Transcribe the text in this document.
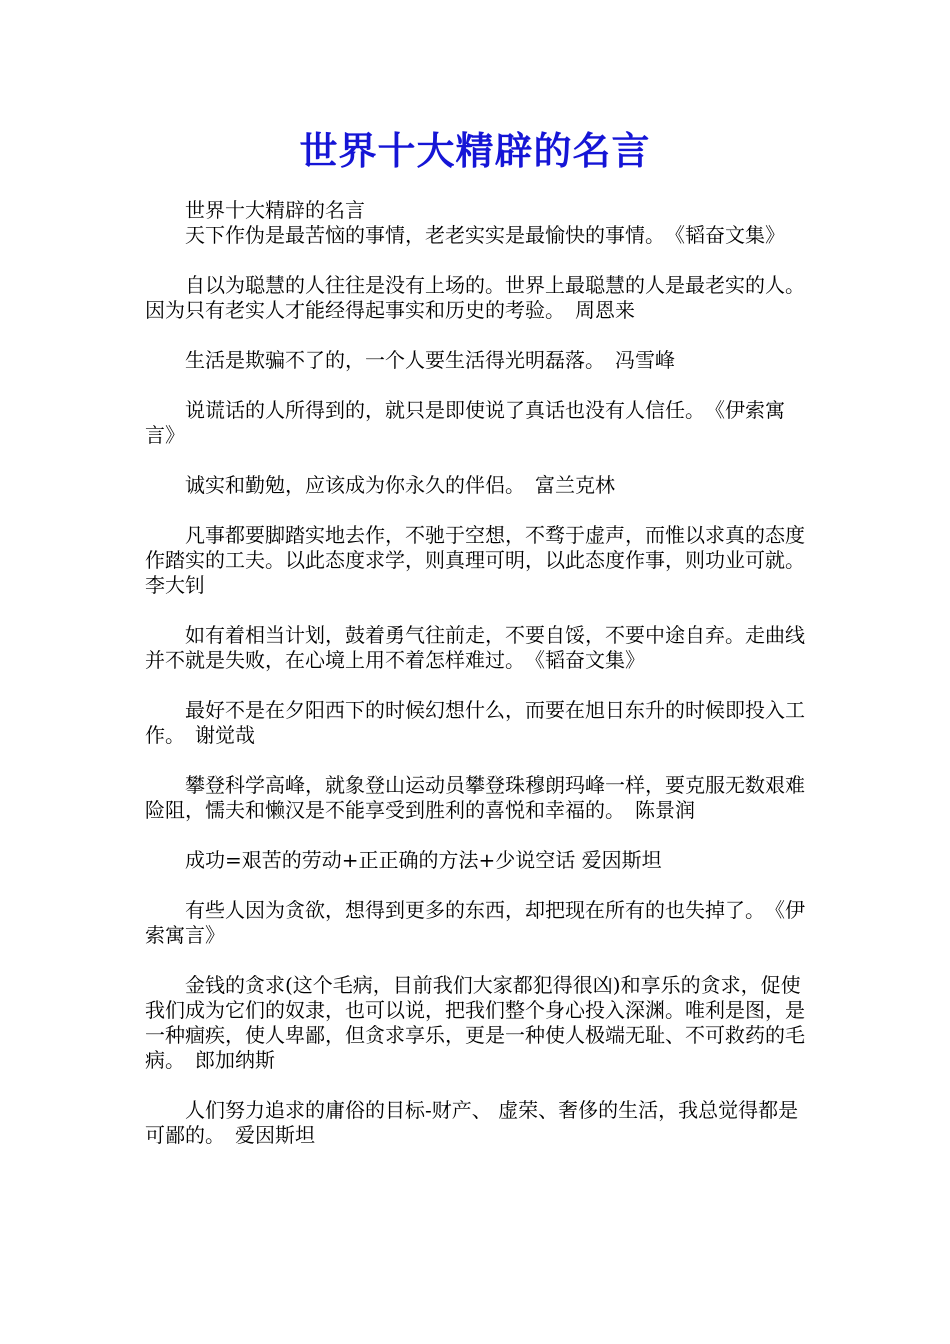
世界十大精辟的名言

世界十大精辟的名言

天下作伪是最苦恼的事情，老老实实是最愉快的事情。　《韬奋文集》

自以为聪慧的人往往是没有上场的。世界上最聪慧的人是最老实的人。因为只有老实人才能经得起事实和历史的考验。　周恩来

生活是欺骗不了的，一个人要生活得光明磊落。　冯雪峰

说谎话的人所得到的，就只是即使说了真话也没有人信任。　《伊索寓言》

诚实和勤勉，应该成为你永久的伴侣。　富兰克林

凡事都要脚踏实地去作，不驰于空想，不骛于虚声，而惟以求真的态度作踏实的工夫。以此态度求学，则真理可明，以此态度作事，则功业可就。　李大钊

如有着相当计划，鼓着勇气往前走，不要自馁，不要中途自弃。走曲线并不就是失败，在心境上用不着怎样难过。　《韬奋文集》

最好不是在夕阳西下的时候幻想什么，而要在旭日东升的时候即投入工作。　谢觉哉

攀登科学高峰，就象登山运动员攀登珠穆朗玛峰一样，要克服无数艰难险阻，懦夫和懒汉是不能享受到胜利的喜悦和幸福的。　陈景润

成功=艰苦的劳动+正正确的方法+少说空话 爱因斯坦

有些人因为贪欲，想得到更多的东西，却把现在所有的也失掉了。　《伊索寓言》

金钱的贪求(这个毛病，目前我们大家都犯得很凶)和享乐的贪求，促使我们成为它们的奴隶，也可以说，把我们整个身心投入深渊。唯利是图，是一种痼疾，使人卑鄙，但贪求享乐，更是一种使人极端无耻、不可救药的毛病。　郎加纳斯

人们努力追求的庸俗的目标-财产、 虚荣、奢侈的生活，我总觉得都是可鄙的。　爱因斯坦
